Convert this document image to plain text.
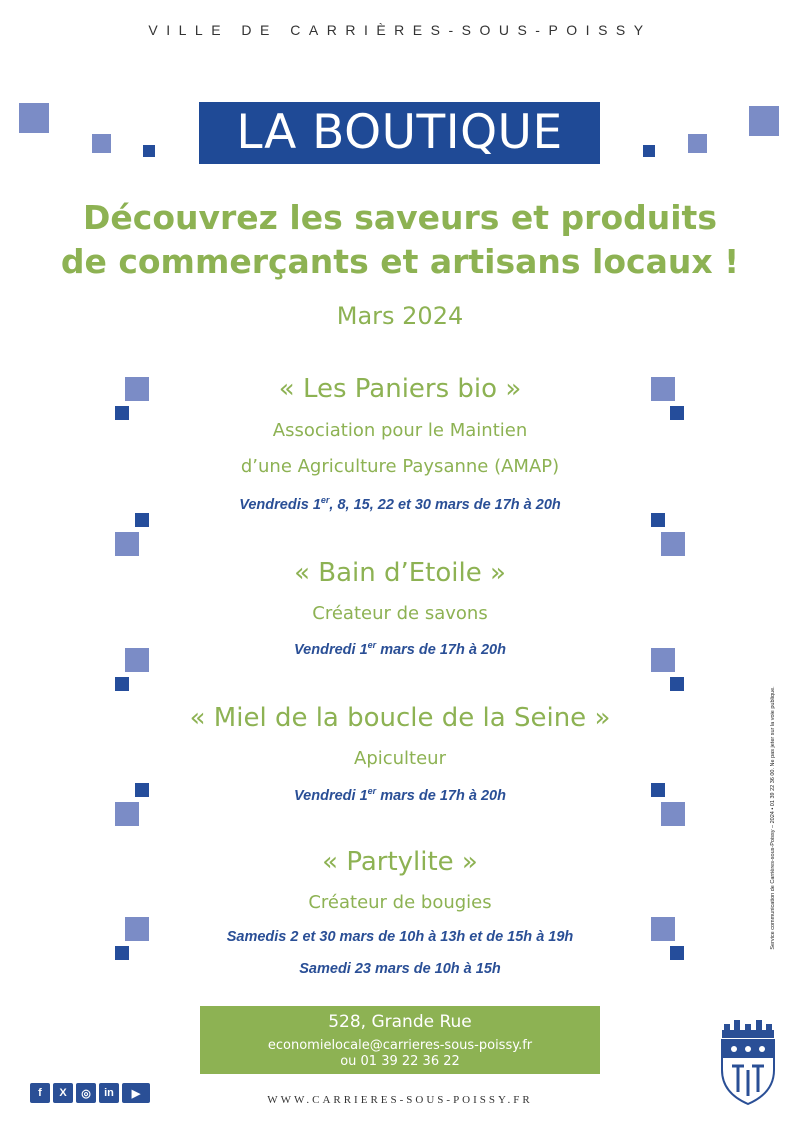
VILLE DE CARRIÈRES-SOUS-POISSY
LA BOUTIQUE
Découvrez les saveurs et produits
de commerçants et artisans locaux !
Mars 2024
« Les Paniers bio »
Association pour le Maintien
d’une Agriculture Paysanne (AMAP)
Vendredis 1er, 8, 15, 22 et 30 mars de 17h à 20h
« Bain d’Etoile »
Créateur de savons
Vendredi 1er mars de 17h à 20h
« Miel de la boucle de la Seine »
Apiculteur
Vendredi 1er mars de 17h à 20h
« Partylite »
Créateur de bougies
Samedis 2 et 30 mars de 10h à 13h et de 15h à 19h
Samedi 23 mars de 10h à 15h
528, Grande Rue
economielocale@carrieres-sous-poissy.fr
ou 01 39 22 36 22
f	X	◎	in	▶
WWW.CARRIERES-SOUS-POISSY.FR
Service communication de Carrières-sous-Poissy – 2024 • 01 39 22 36 00. Ne pas jeter sur la voie publique.
